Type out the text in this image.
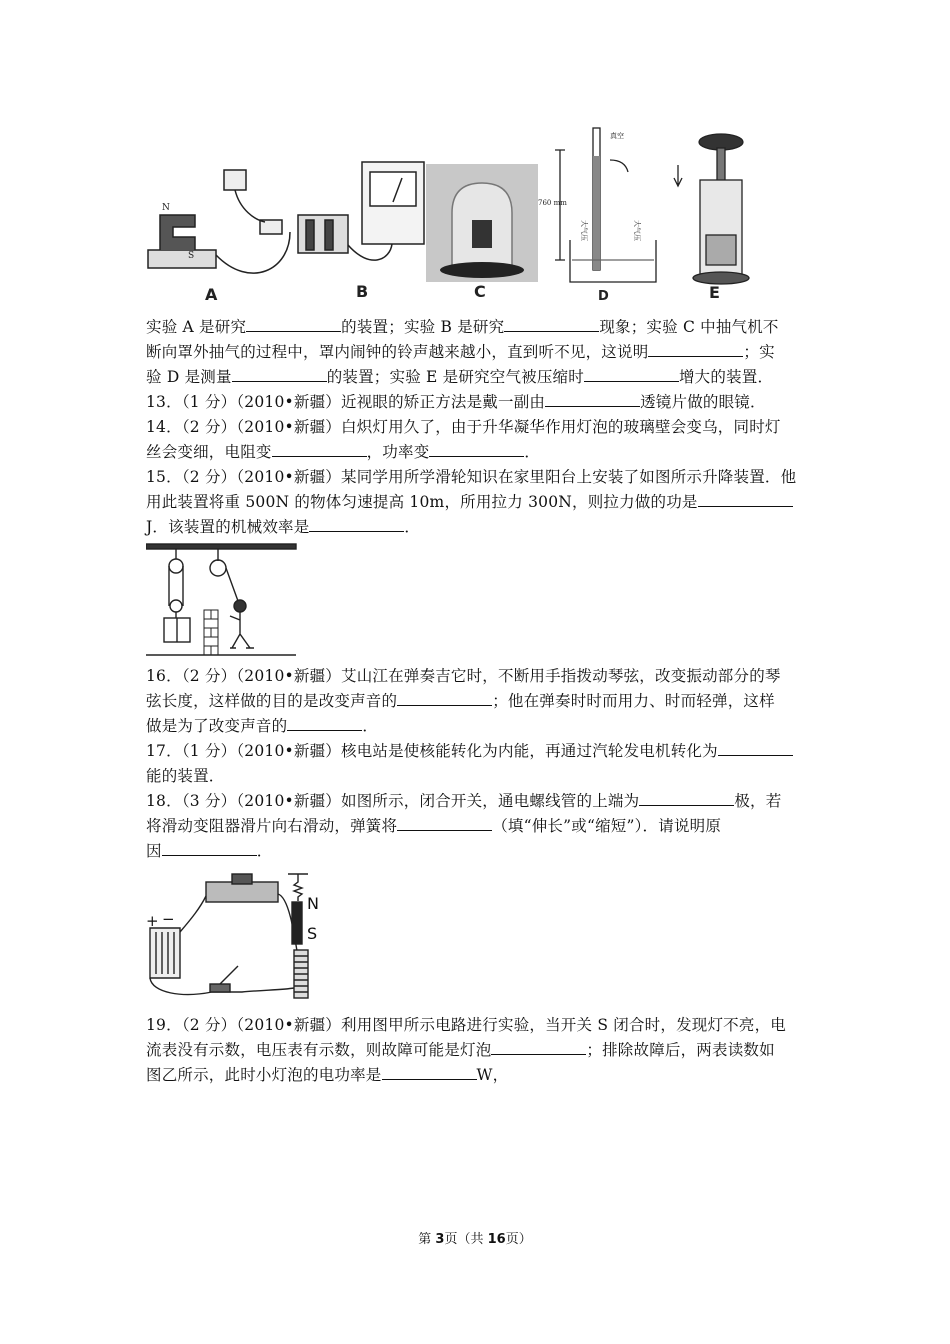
N
S
760 mm
真空
大气压	大气压
A	B	C	D	E
实验 A 是研究	的装置；实验 B 是研究	现象；实验 C 中抽气机不
断向罩外抽气的过程中，罩内闹钟的铃声越来越小，直到听不见，这说明	；实
验 D 是测量	的装置；实验 E 是研究空气被压缩时	增大的装置．
13．（1 分）（2010•新疆）近视眼的矫正方法是戴一副由	透镜片做的眼镜．
14．（2 分）（2010•新疆）白炽灯用久了，由于升华凝华作用灯泡的玻璃壁会变乌，同时灯
丝会变细，电阻变	，功率变	．
15．（2 分）（2010•新疆）某同学用所学滑轮知识在家里阳台上安装了如图所示升降装置．他
用此装置将重 500N 的物体匀速提高 10m，所用拉力 300N，则拉力做的功是
J．该装置的机械效率是	．
16．（2 分）（2010•新疆）艾山江在弹奏吉它时，不断用手指拨动琴弦，改变振动部分的琴
弦长度，这样做的目的是改变声音的	；他在弹奏时时而用力、时而轻弹，这样
做是为了改变声音的	．
17．（1 分）（2010•新疆）核电站是使核能转化为内能，再通过汽轮发电机转化为
能的装置．
18．（3 分）（2010•新疆）如图所示，闭合开关，通电螺线管的上端为	极，若
将滑动变阻器滑片向右滑动，弹簧将	（填“伸长”或“缩短”）．请说明原
因	．
+ −
N
S
19．（2 分）（2010•新疆）利用图甲所示电路进行实验，当开关 S 闭合时，发现灯不亮，电
流表没有示数，电压表有示数，则故障可能是灯泡	；排除故障后，两表读数如
图乙所示，此时小灯泡的电功率是	W，
第 3页（共 16页）
